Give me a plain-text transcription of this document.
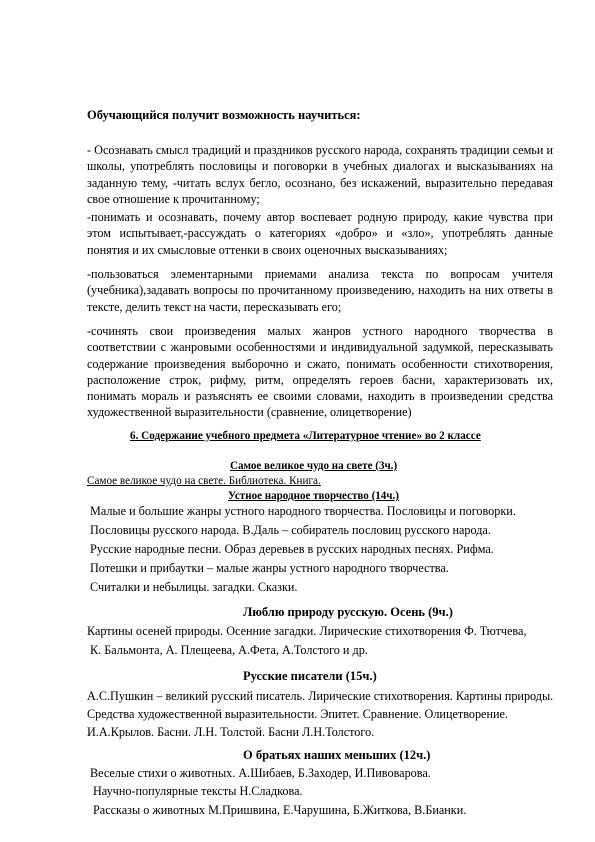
Обучающийся получит возможность научиться:

- Осознавать смысл традиций и праздников русского народа, сохранять традиции семьи и школы, употреблять пословицы и поговорки в учебных диалогах и высказываниях на заданную тему, -читать вслух бегло, осознано, без искажений, выразительно передавая свое отношение к прочитанному;

-понимать и осознавать, почему автор воспевает родную природу, какие чувства при этом испытывает,-рассуждать о категориях «добро» и «зло», употреблять данные понятия и их смысловые оттенки в своих оценочных высказываниях;

-пользоваться элементарными приемами анализа текста по вопросам учителя (учебника),задавать вопросы по прочитанному произведению, находить на них ответы в тексте, делить текст на части, пересказывать его;

-сочинять свои произведения малых жанров устного народного творчества в соответствии с жанровыми особенностями и индивидуальной задумкой, пересказывать содержание произведения выборочно и сжато, понимать особенности стихотворения, расположение строк, рифму, ритм, определять героев басни, характеризовать их, понимать мораль и разъяснять ее своими словами, находить в произведении средства художественной выразительности (сравнение, олицетворение)

6. Содержание учебного предмета «Литературное чтение» во 2 классе

Самое великое чудо на свете (3ч.)

Самое великое чудо на свете. Библиотека. Книга.

Устное народное творчество (14ч.)

Малые и большие жанры устного народного творчества. Пословицы и поговорки.

Пословицы русского народа. В.Даль – собиратель пословиц русского народа.

Русские народные песни. Образ деревьев в русских народных песнях. Рифма.

Потешки и прибаутки – малые жанры устного народного творчества.

Считалки и небылицы. загадки. Сказки.

Люблю природу русскую. Осень (9ч.)

Картины осеней природы. Осенние загадки. Лирические стихотворения Ф. Тютчева,

К. Бальмонта, А. Плещеева, А.Фета, А.Толстого и др.

Русские писатели (15ч.)

А.С.Пушкин – великий русский писатель. Лирические стихотворения. Картины природы.

Средства художественной выразительности. Эпитет. Сравнение. Олицетворение.

И.А.Крылов. Басни. Л.Н. Толстой. Басни Л.Н.Толстого.

О братьях наших меньших (12ч.)

Веселые стихи о животных. А.Шибаев, Б.Заходер, И.Пивоварова.

Научно-популярные тексты Н.Сладкова.

Рассказы о животных М.Пришвина, Е.Чарушина, Б.Житкова, В.Бианки.
